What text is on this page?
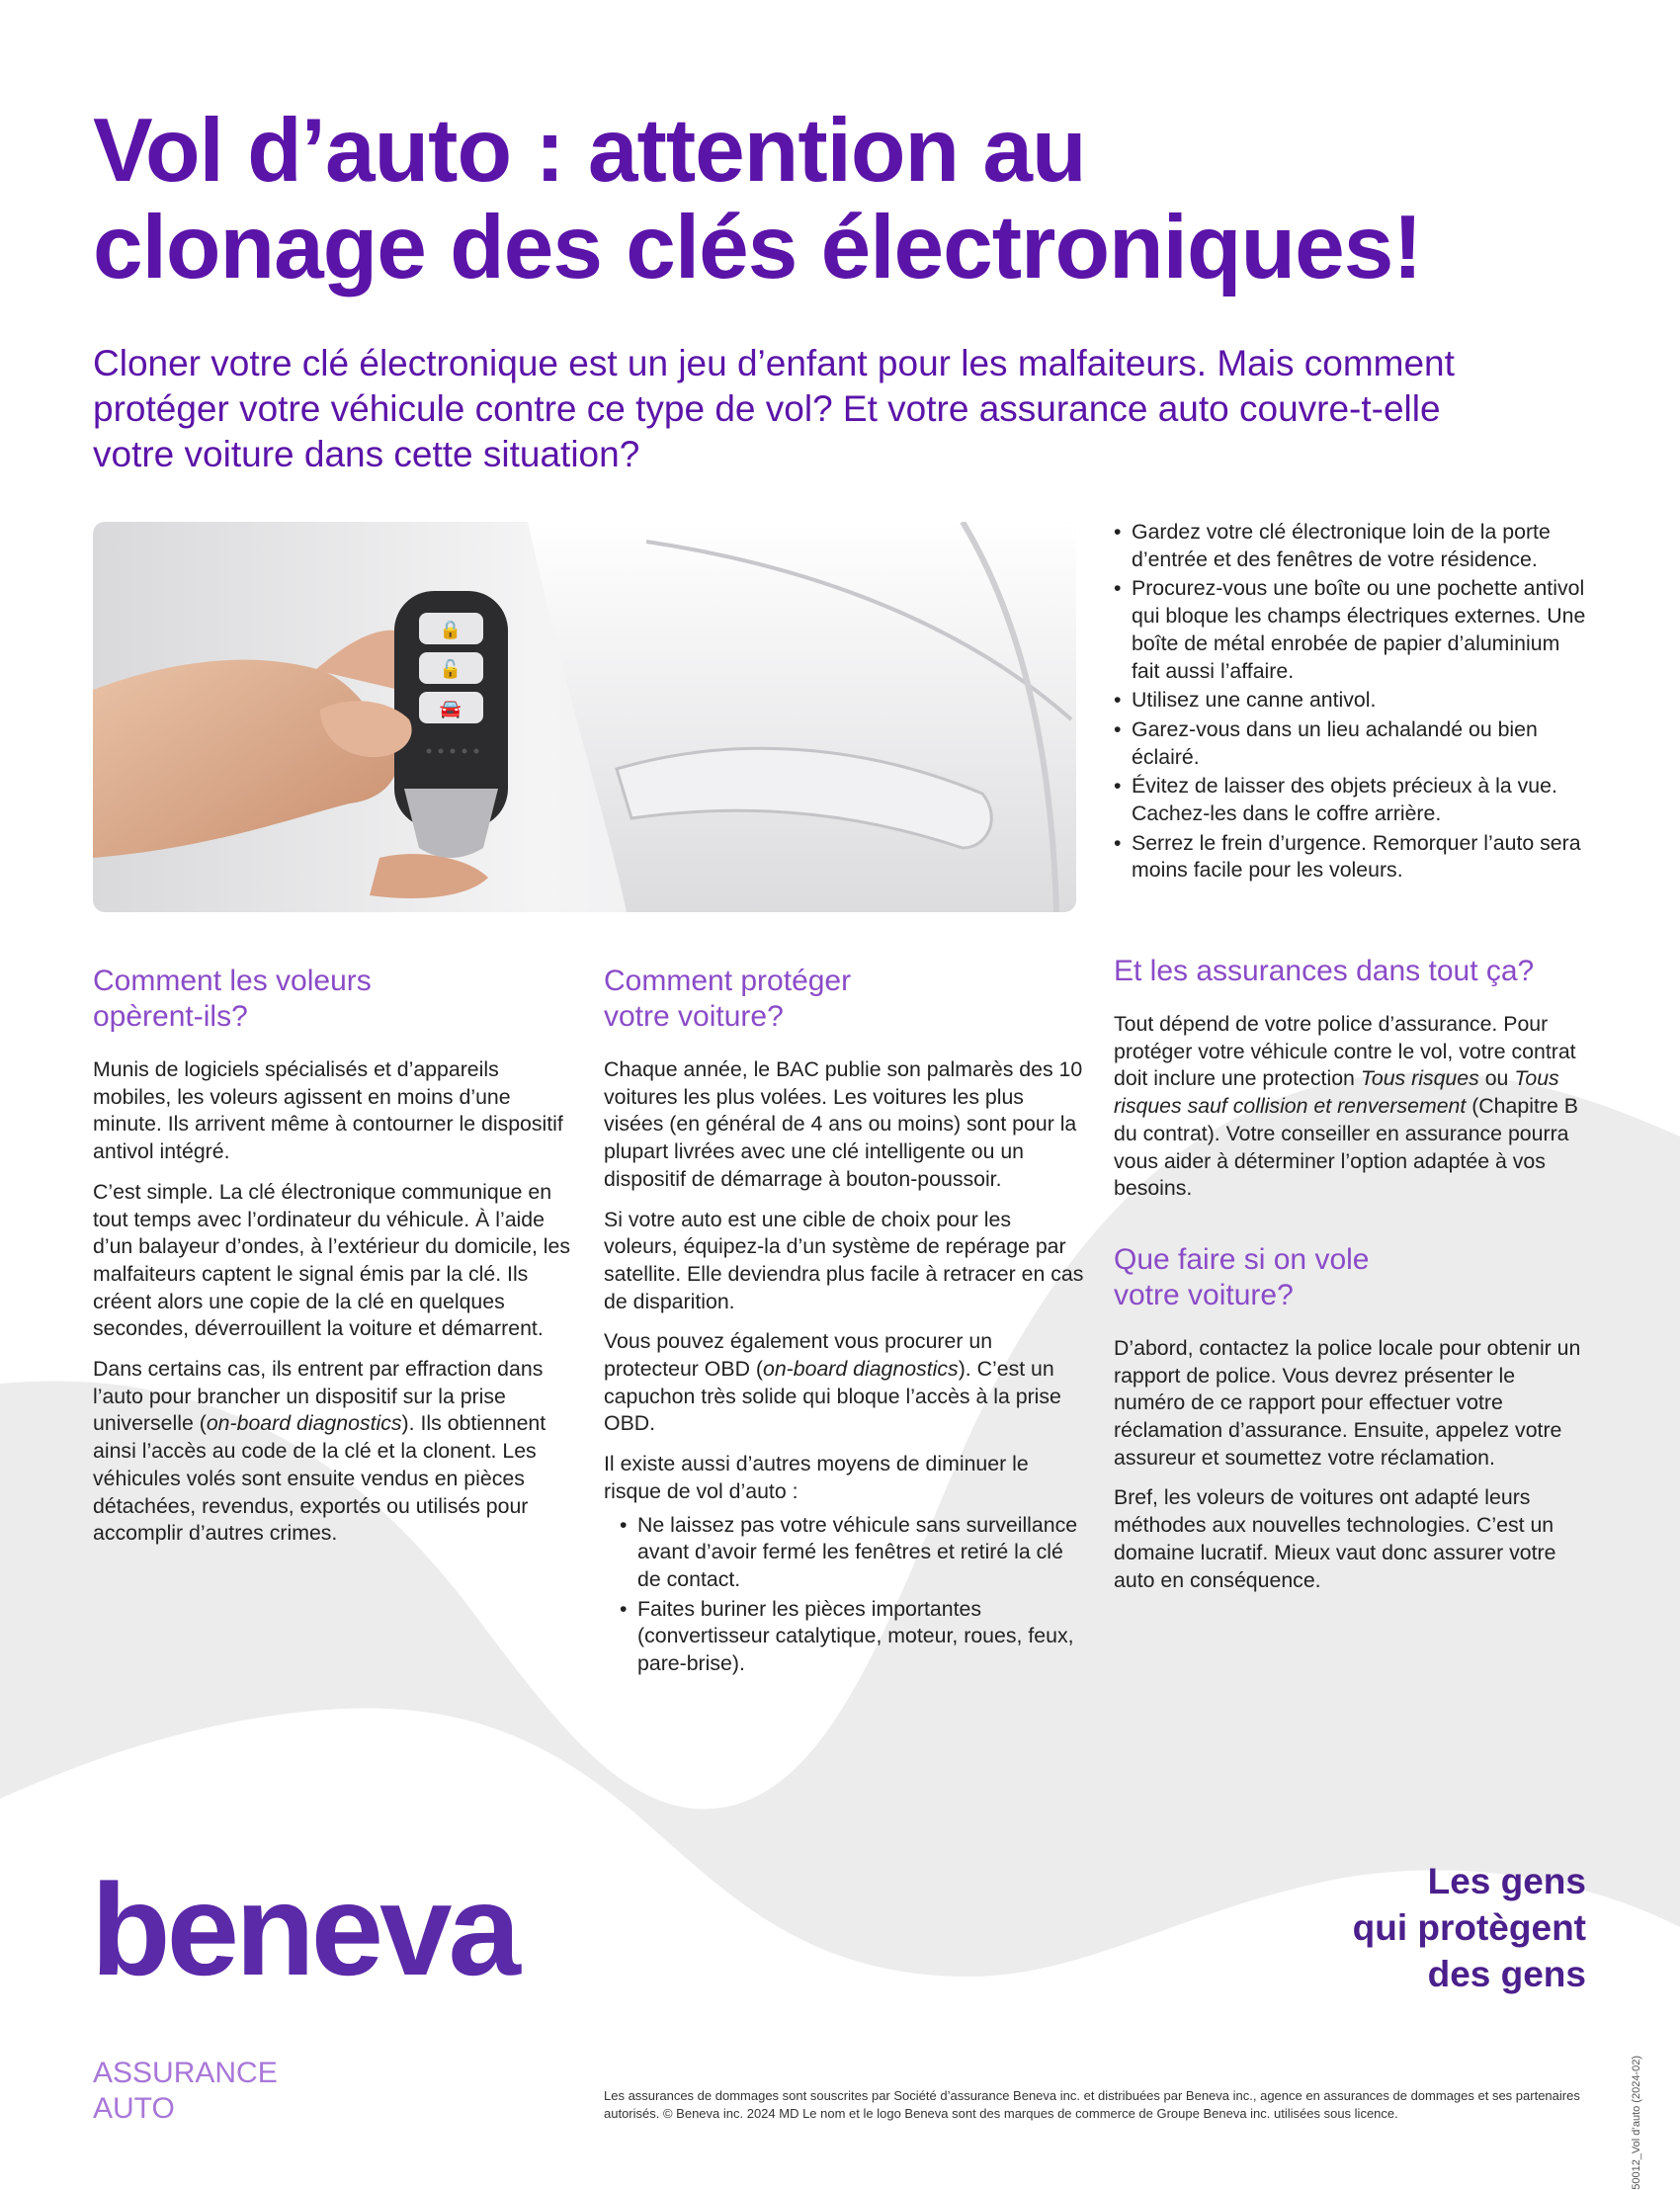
Vol d’auto : attention au
clonage des clés électroniques!

Cloner votre clé électronique est un jeu d’enfant pour les malfaiteurs. Mais comment protéger votre véhicule contre ce type de vol? Et votre assurance auto couvre-t-elle votre voiture dans cette situation?

🔒
🔓
🚘
Comment les voleurs
opèrent-ils?

Munis de logiciels spécialisés et d’appareils mobiles, les voleurs agissent en moins d’une minute. Ils arrivent même à contourner le dispositif antivol intégré.

C’est simple. La clé électronique communique en tout temps avec l’ordinateur du véhicule. À l’aide d’un balayeur d’ondes, à l’extérieur du domicile, les malfaiteurs captent le signal émis par la clé. Ils créent alors une copie de la clé en quelques secondes, déverrouillent la voiture et démarrent.

Dans certains cas, ils entrent par effraction dans l’auto pour brancher un dispositif sur la prise universelle (on-board diagnostics). Ils obtiennent ainsi l’accès au code de la clé et la clonent. Les véhicules volés sont ensuite vendus en pièces détachées, revendus, exportés ou utilisés pour accomplir d’autres crimes.

Comment protéger
votre voiture?

Chaque année, le BAC publie son palmarès des 10 voitures les plus volées. Les voitures les plus visées (en général de 4 ans ou moins) sont pour la plupart livrées avec une clé intelligente ou un dispositif de démarrage à bouton-poussoir.

Si votre auto est une cible de choix pour les voleurs, équipez-la d’un système de repérage par satellite. Elle deviendra plus facile à retracer en cas de disparition.

Vous pouvez également vous procurer un protecteur OBD (on-board diagnostics). C’est un capuchon très solide qui bloque l’accès à la prise OBD.

Il existe aussi d’autres moyens de diminuer le risque de vol d’auto :

• Ne laissez pas votre véhicule sans surveillance avant d’avoir fermé les fenêtres et retiré la clé de contact.
• Faites buriner les pièces importantes (convertisseur catalytique, moteur, roues, feux, pare-brise).
• Gardez votre clé électronique loin de la porte d’entrée et des fenêtres de votre résidence.
• Procurez-vous une boîte ou une pochette antivol qui bloque les champs électriques externes. Une boîte de métal enrobée de papier d’aluminium fait aussi l’affaire.
• Utilisez une canne antivol.
• Garez-vous dans un lieu achalandé ou bien éclairé.
• Évitez de laisser des objets précieux à la vue. Cachez-les dans le coffre arrière.
• Serrez le frein d’urgence. Remorquer l’auto sera moins facile pour les voleurs.
Et les assurances dans tout ça?

Tout dépend de votre police d’assurance. Pour protéger votre véhicule contre le vol, votre contrat doit inclure une protection Tous risques ou Tous risques sauf collision et renversement (Chapitre B du contrat). Votre conseiller en assurance pourra vous aider à déterminer l’option adaptée à vos besoins.

Que faire si on vole
votre voiture?

D’abord, contactez la police locale pour obtenir un rapport de police. Vous devrez présenter le numéro de ce rapport pour effectuer votre réclamation d’assurance. Ensuite, appelez votre assureur et soumettez votre réclamation.

Bref, les voleurs de voitures ont adapté leurs méthodes aux nouvelles technologies. C’est un domaine lucratif. Mieux vaut donc assurer votre auto en conséquence.

beneva	Les gens
qui protègent
des gens
ASSURANCE
AUTO	Les assurances de dommages sont souscrites par Société d’assurance Beneva inc. et distribuées par Beneva inc., agence en assurances de dommages et ses partenaires autorisés. © Beneva inc. 2024 MD Le nom et le logo Beneva sont des marques de commerce de Groupe Beneva inc. utilisées sous licence.	50012_Vol d’auto (2024-02)
